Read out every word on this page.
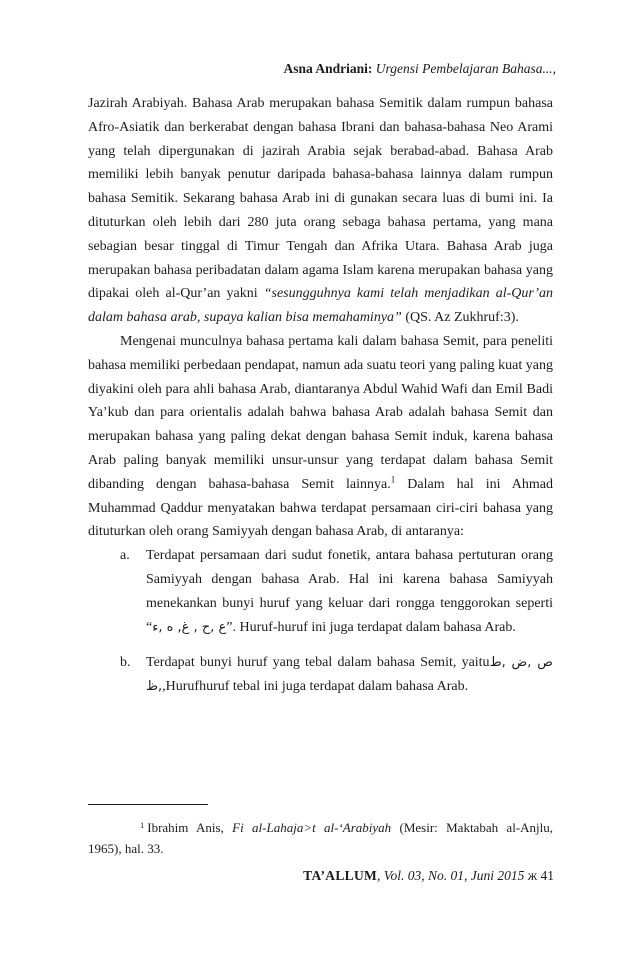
Asna Andriani: Urgensi Pembelajaran Bahasa...,

Jazirah Arabiyah. Bahasa Arab merupakan bahasa Semitik dalam rumpun bahasa Afro-Asiatik dan berkerabat dengan bahasa Ibrani dan bahasa-bahasa Neo Arami yang telah dipergunakan di jazirah Arabia sejak berabad-abad. Bahasa Arab memiliki lebih banyak penutur daripada bahasa-bahasa lainnya dalam rumpun bahasa Semitik. Sekarang bahasa Arab ini di gunakan secara luas di bumi ini. Ia dituturkan oleh lebih dari 280 juta orang sebaga bahasa pertama, yang mana sebagian besar tinggal di Timur Tengah dan Afrika Utara. Bahasa Arab juga merupakan bahasa peribadatan dalam agama Islam karena merupakan bahasa yang dipakai oleh al-Qur’an yakni “sesungguhnya kami telah menjadikan al-Qur’an dalam bahasa arab, supaya kalian bisa memahaminya” (QS. Az Zukhruf:3).

Mengenai munculnya bahasa pertama kali dalam bahasa Semit, para peneliti bahasa memiliki perbedaan pendapat, namun ada suatu teori yang paling kuat yang diyakini oleh para ahli bahasa Arab, diantaranya Abdul Wahid Wafi dan Emil Badi Ya’kub dan para orientalis adalah bahwa bahasa Arab adalah bahasa Semit dan merupakan bahasa yang paling dekat dengan bahasa Semit induk, karena bahasa Arab paling banyak memiliki unsur-unsur yang terdapat dalam bahasa Semit dibanding dengan bahasa-bahasa Semit lainnya.$^1$ Dalam hal ini Ahmad Muhammad Qaddur menyatakan bahwa terdapat persamaan ciri-ciri bahasa yang dituturkan oleh orang Samiyyah dengan bahasa Arab, di antaranya:

a. Terdapat persamaan dari sudut fonetik, antara bahasa pertuturan orang Samiyyah dengan bahasa Arab. Hal ini karena bahasa Samiyyah menekankan bunyi huruf yang keluar dari rongga tenggorokan seperti “ع ,ح , غ, ه ,ء”. Huruf-huruf ini juga terdapat dalam bahasa Arab.
b. Terdapat bunyi huruf yang tebal dalam bahasa Semit, yaituص ,ض ,ط ,ظ,Hurufhuruf tebal ini juga terdapat dalam bahasa Arab.
$^1$ Ibrahim Anis, Fi al-Lahaja>t al-‘Arabiyah (Mesir: Maktabah al-Anjlu, 1965), hal. 33.
TA’ALLUM, Vol. 03, No. 01, Juni 2015 ж 41
